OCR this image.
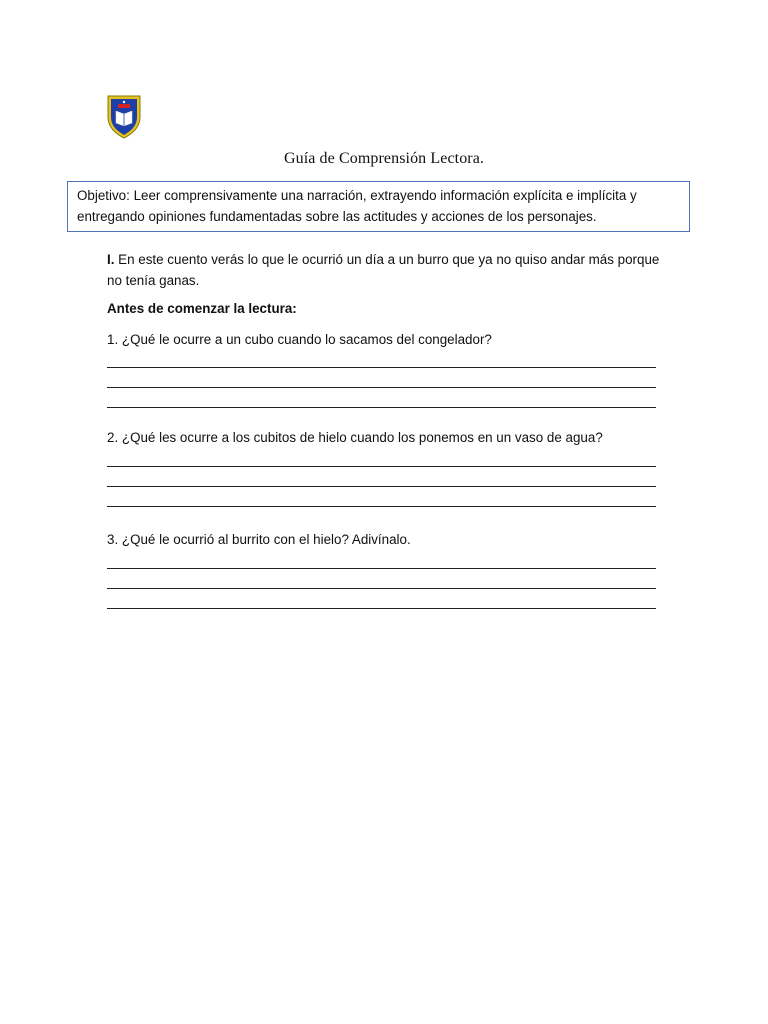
Guía de Comprensión Lectora.
Objetivo: Leer comprensivamente una narración, extrayendo información explícita e implícita y entregando opiniones fundamentadas sobre las actitudes y acciones de los personajes.
I. En este cuento verás lo que le ocurrió un día a un burro que ya no quiso andar más porque no tenía ganas.
Antes de comenzar la lectura:
1. ¿Qué le ocurre a un cubo cuando lo sacamos del congelador?
2. ¿Qué les ocurre a los cubitos de hielo cuando los ponemos en un vaso de agua?
3. ¿Qué le ocurrió al burrito con el hielo? Adivínalo.
